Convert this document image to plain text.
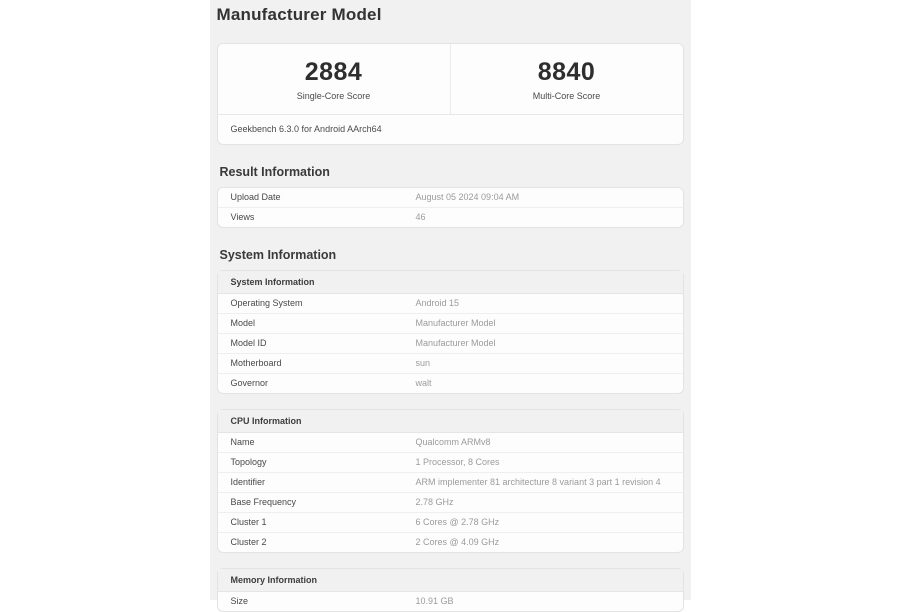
Manufacturer Model
2884
Single-Core Score
8840
Multi-Core Score
Geekbench 6.3.0 for Android AArch64
Result Information
Upload Date	August 05 2024 09:04 AM
Views	46
System Information
System Information
Operating System	Android 15
Model	Manufacturer Model
Model ID	Manufacturer Model
Motherboard	sun
Governor	walt
CPU Information
Name	Qualcomm ARMv8
Topology	1 Processor, 8 Cores
Identifier	ARM implementer 81 architecture 8 variant 3 part 1 revision 4
Base Frequency	2.78 GHz
Cluster 1	6 Cores @ 2.78 GHz
Cluster 2	2 Cores @ 4.09 GHz
Memory Information
Size	10.91 GB
